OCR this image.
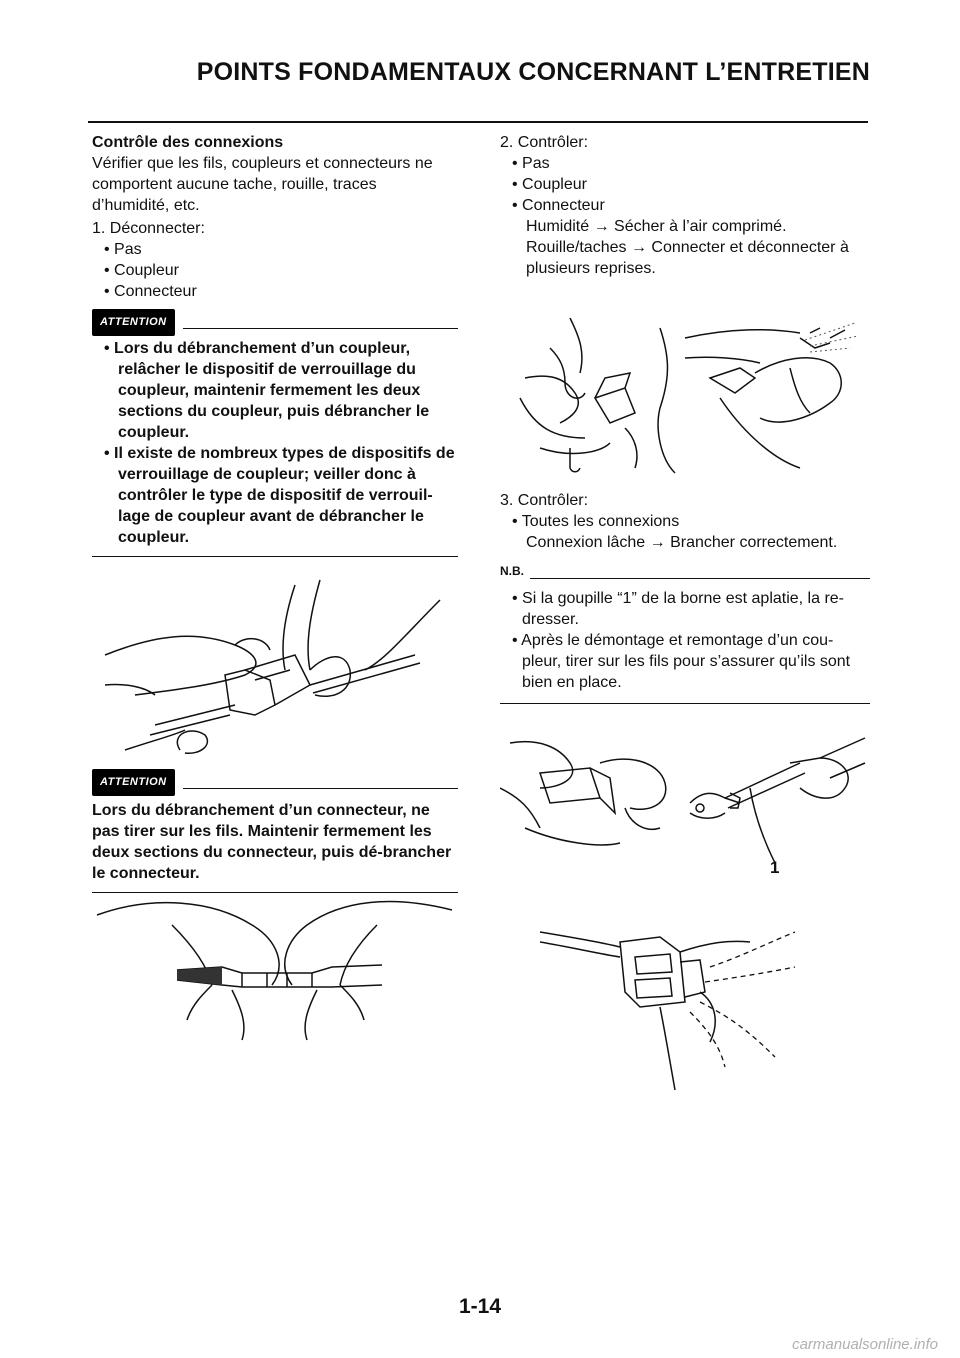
POINTS FONDAMENTAUX CONCERNANT L’ENTRETIEN

Contrôle des connexions

Vérifier que les fils, coupleurs et connecteurs ne comportent aucune tache, rouille, traces d’humidité, etc.

1. Déconnecter:

• Pas

• Coupleur

• Connecteur

ATTENTION

• Lors du débranchement d’un coupleur, relâcher le dispositif de verrouillage du coupleur, maintenir fermement les deux sections du coupleur, puis débrancher le coupleur.

• Il existe de nombreux types de dispositifs de verrouillage de coupleur; veiller donc à contrôler le type de dispositif de verrouil-lage de coupleur avant de débrancher le coupleur.

ATTENTION

Lors du débranchement d’un connecteur, ne pas tirer sur les fils. Maintenir fermement les deux sections du connecteur, puis dé-brancher le connecteur.

2. Contrôler:

• Pas

• Coupleur

• Connecteur

Humidité → Sécher à l’air comprimé.

Rouille/taches → Connecter et déconnecter à plusieurs reprises.

3. Contrôler:

• Toutes les connexions

Connexion lâche → Brancher correctement.

N.B.

• Si la goupille “1” de la borne est aplatie, la re-dresser.

• Après le démontage et remontage d’un cou-pleur, tirer sur les fils pour s’assurer qu’ils sont bien en place.

1
1-14
carmanualsonline.info
